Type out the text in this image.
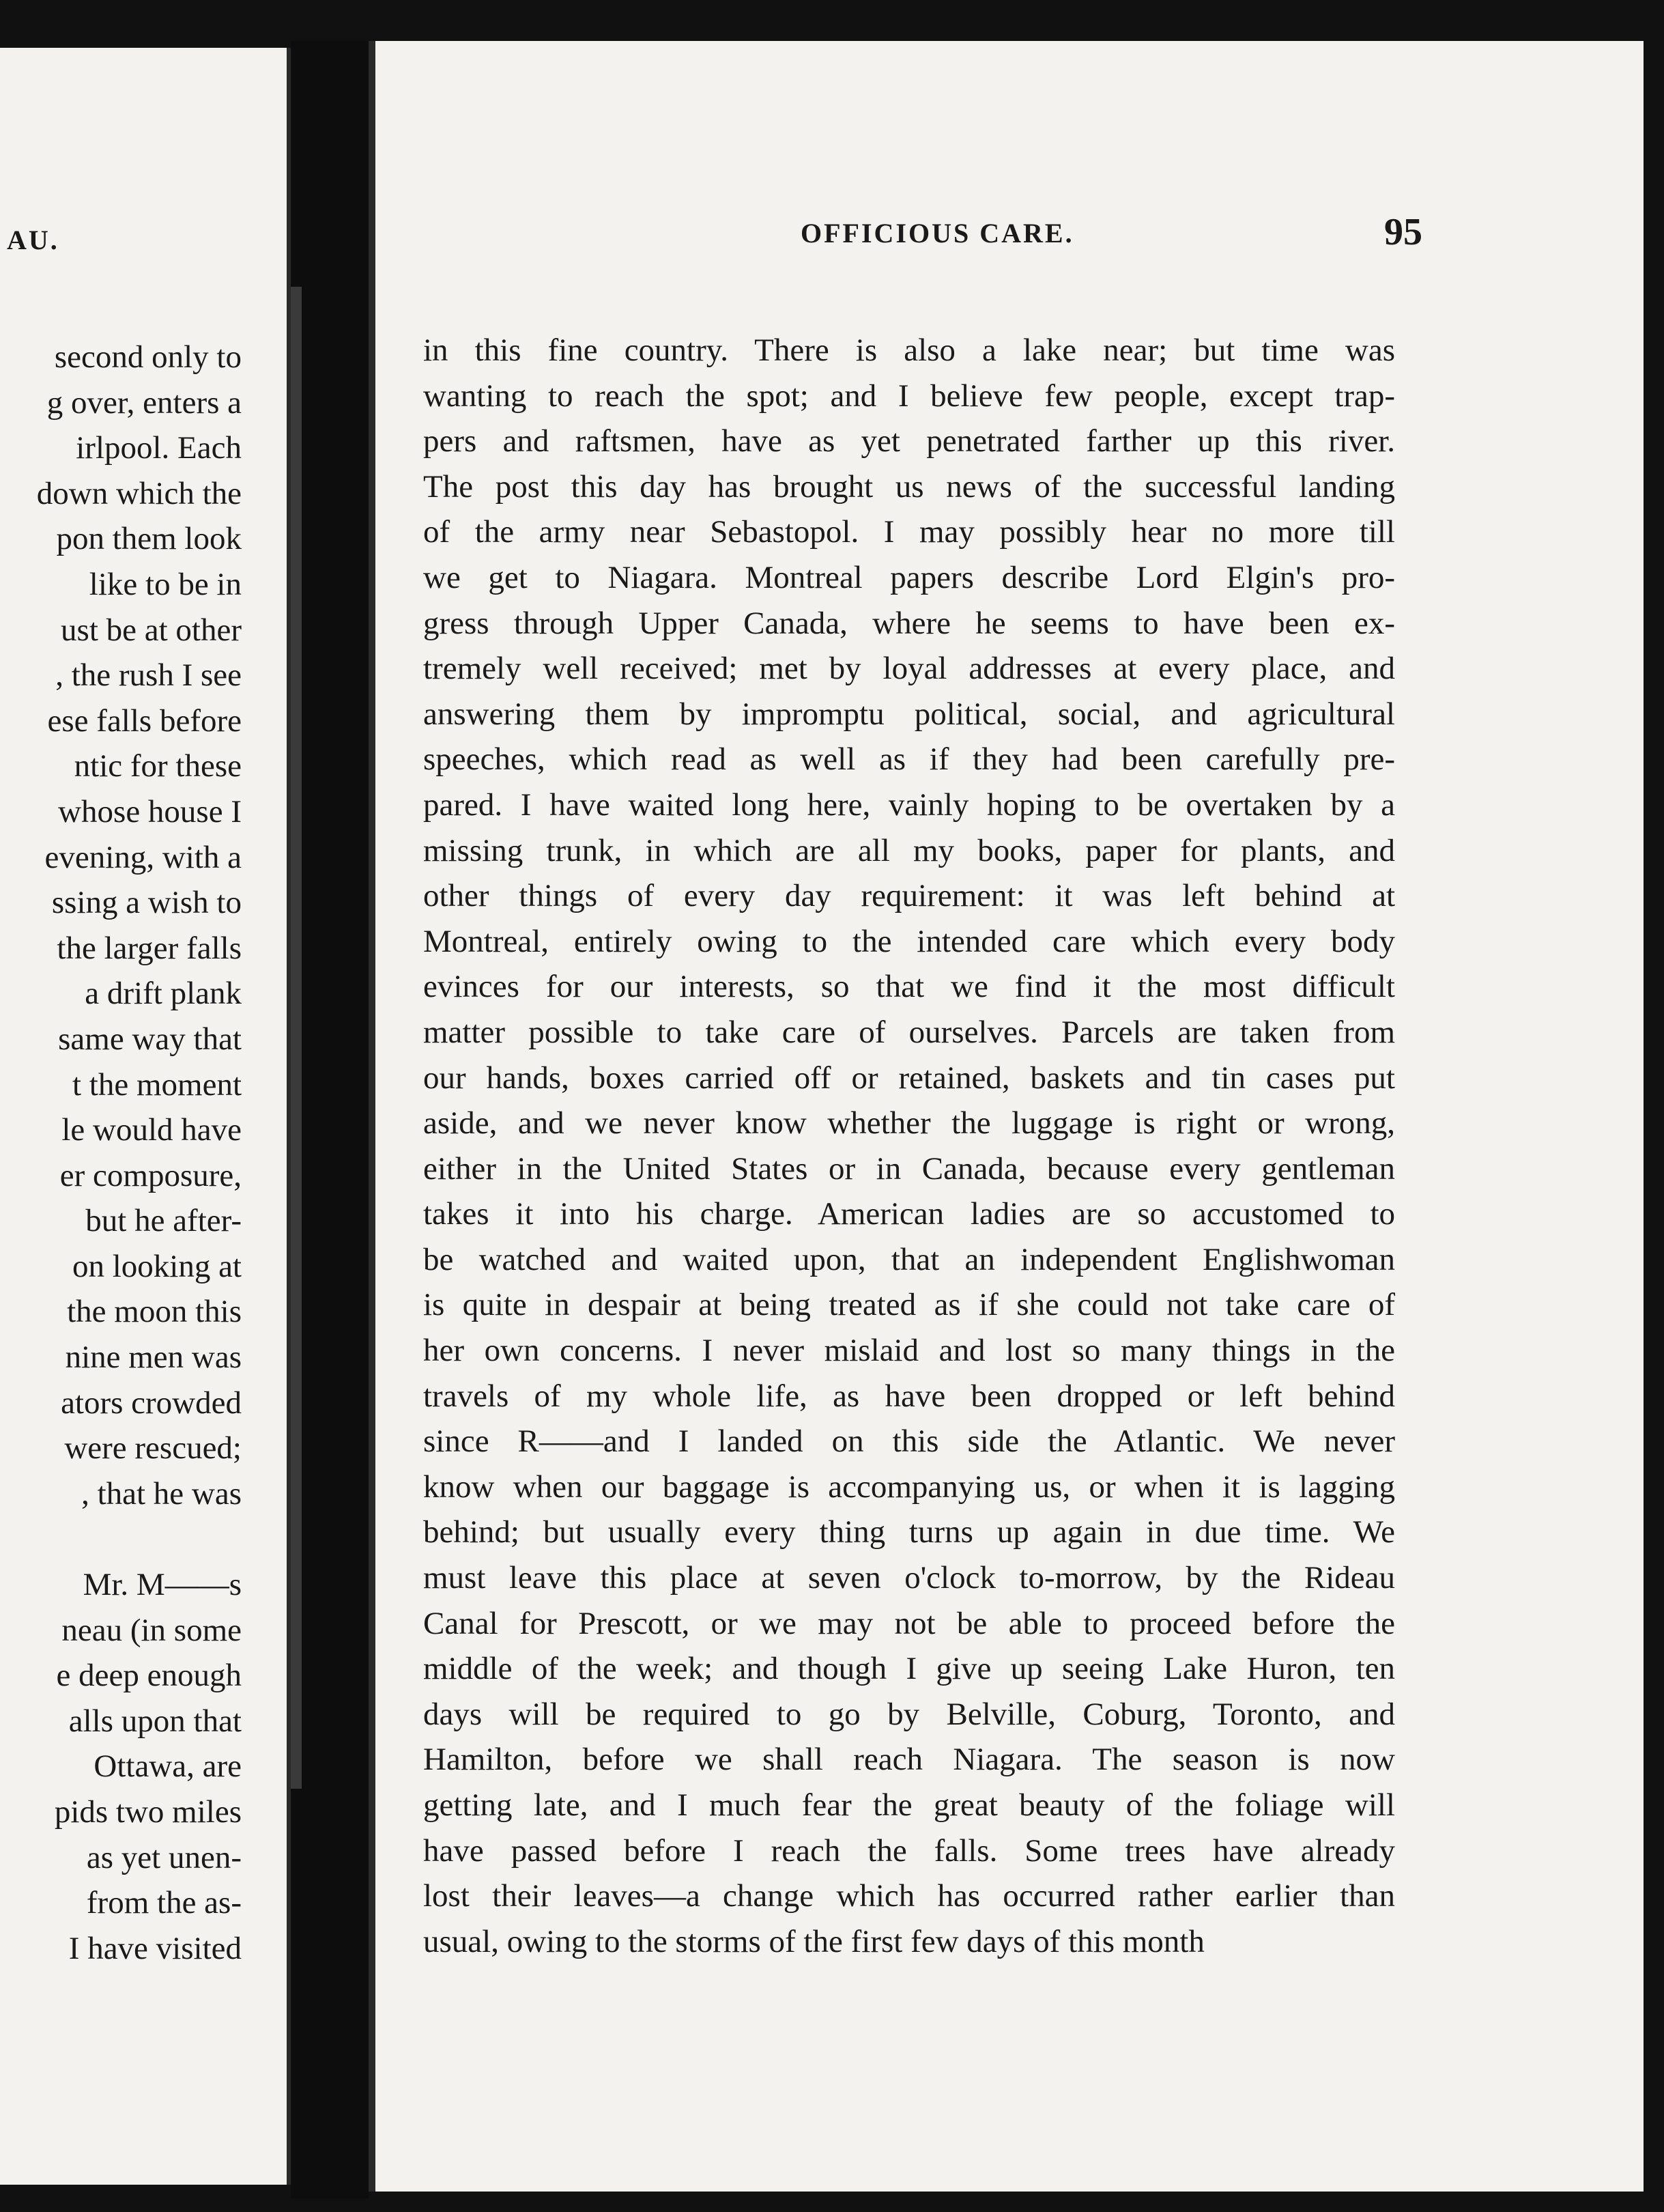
AU.
second only to
g over, enters a
irlpool. Each
down which the
pon them look
like to be in
ust be at other
, the rush I see
ese falls before
ntic for these
whose house I
evening, with a
ssing a wish to
the larger falls
a drift plank
same way that
t the moment
le would have
er composure,
but he after-
on looking at
the moon this
nine men was
ators crowded
were rescued;
, that he was
Mr. M——s
neau (in some
e deep enough
alls upon that
Ottawa, are
pids two miles
as yet unen-
from the as-
I have visited
OFFICIOUS CARE.	95
in this fine country. There is also a lake near; but time was
wanting to reach the spot; and I believe few people, except trap-
pers and raftsmen, have as yet penetrated farther up this river.
The post this day has brought us news of the successful landing
of the army near Sebastopol. I may possibly hear no more till
we get to Niagara. Montreal papers describe Lord Elgin's pro-
gress through Upper Canada, where he seems to have been ex-
tremely well received; met by loyal addresses at every place, and
answering them by impromptu political, social, and agricultural
speeches, which read as well as if they had been carefully pre-
pared. I have waited long here, vainly hoping to be overtaken by a
missing trunk, in which are all my books, paper for plants, and
other things of every day requirement: it was left behind at
Montreal, entirely owing to the intended care which every body
evinces for our interests, so that we find it the most difficult
matter possible to take care of ourselves. Parcels are taken from
our hands, boxes carried off or retained, baskets and tin cases put
aside, and we never know whether the luggage is right or wrong,
either in the United States or in Canada, because every gentleman
takes it into his charge. American ladies are so accustomed to
be watched and waited upon, that an independent Englishwoman
is quite in despair at being treated as if she could not take care of
her own concerns. I never mislaid and lost so many things in the
travels of my whole life, as have been dropped or left behind
since R——and I landed on this side the Atlantic. We never
know when our baggage is accompanying us, or when it is lagging
behind; but usually every thing turns up again in due time. We
must leave this place at seven o'clock to-morrow, by the Rideau
Canal for Prescott, or we may not be able to proceed before the
middle of the week; and though I give up seeing Lake Huron, ten
days will be required to go by Belville, Coburg, Toronto, and
Hamilton, before we shall reach Niagara. The season is now
getting late, and I much fear the great beauty of the foliage will
have passed before I reach the falls. Some trees have already
lost their leaves—a change which has occurred rather earlier than
usual, owing to the storms of the first few days of this month
